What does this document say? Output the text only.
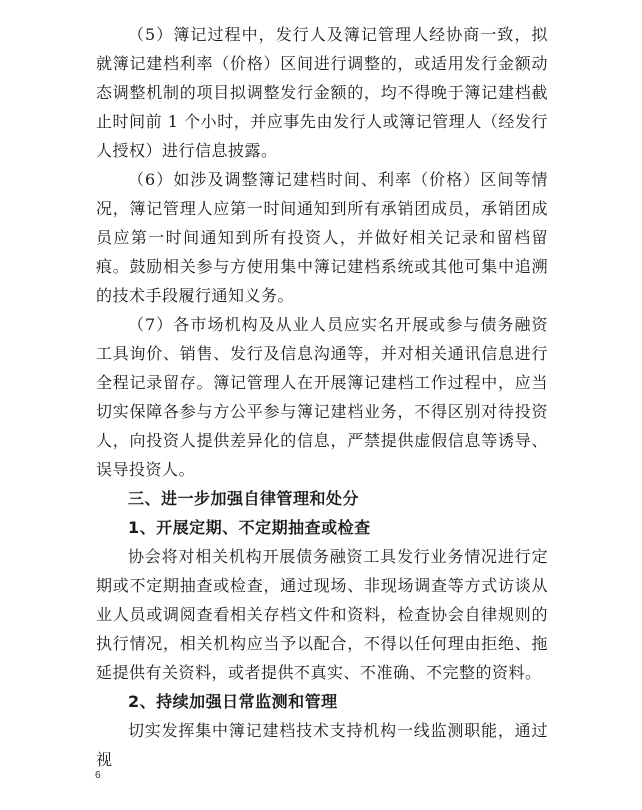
（5）簿记过程中，发行人及簿记管理人经协商一致，拟就簿记建档利率（价格）区间进行调整的，或适用发行金额动态调整机制的项目拟调整发行金额的，均不得晚于簿记建档截止时间前 1 个小时，并应事先由发行人或簿记管理人（经发行人授权）进行信息披露。

（6）如涉及调整簿记建档时间、利率（价格）区间等情况，簿记管理人应第一时间通知到所有承销团成员，承销团成员应第一时间通知到所有投资人，并做好相关记录和留档留痕。鼓励相关参与方使用集中簿记建档系统或其他可集中追溯的技术手段履行通知义务。

（7）各市场机构及从业人员应实名开展或参与债务融资工具询价、销售、发行及信息沟通等，并对相关通讯信息进行全程记录留存。簿记管理人在开展簿记建档工作过程中，应当切实保障各参与方公平参与簿记建档业务，不得区别对待投资人，向投资人提供差异化的信息，严禁提供虚假信息等诱导、误导投资人。

三、进一步加强自律管理和处分

1、开展定期、不定期抽查或检查

协会将对相关机构开展债务融资工具发行业务情况进行定期或不定期抽查或检查，通过现场、非现场调查等方式访谈从业人员或调阅查看相关存档文件和资料，检查协会自律规则的执行情况，相关机构应当予以配合，不得以任何理由拒绝、拖延提供有关资料，或者提供不真实、不准确、不完整的资料。

2、持续加强日常监测和管理

切实发挥集中簿记建档技术支持机构一线监测职能，通过视

6
